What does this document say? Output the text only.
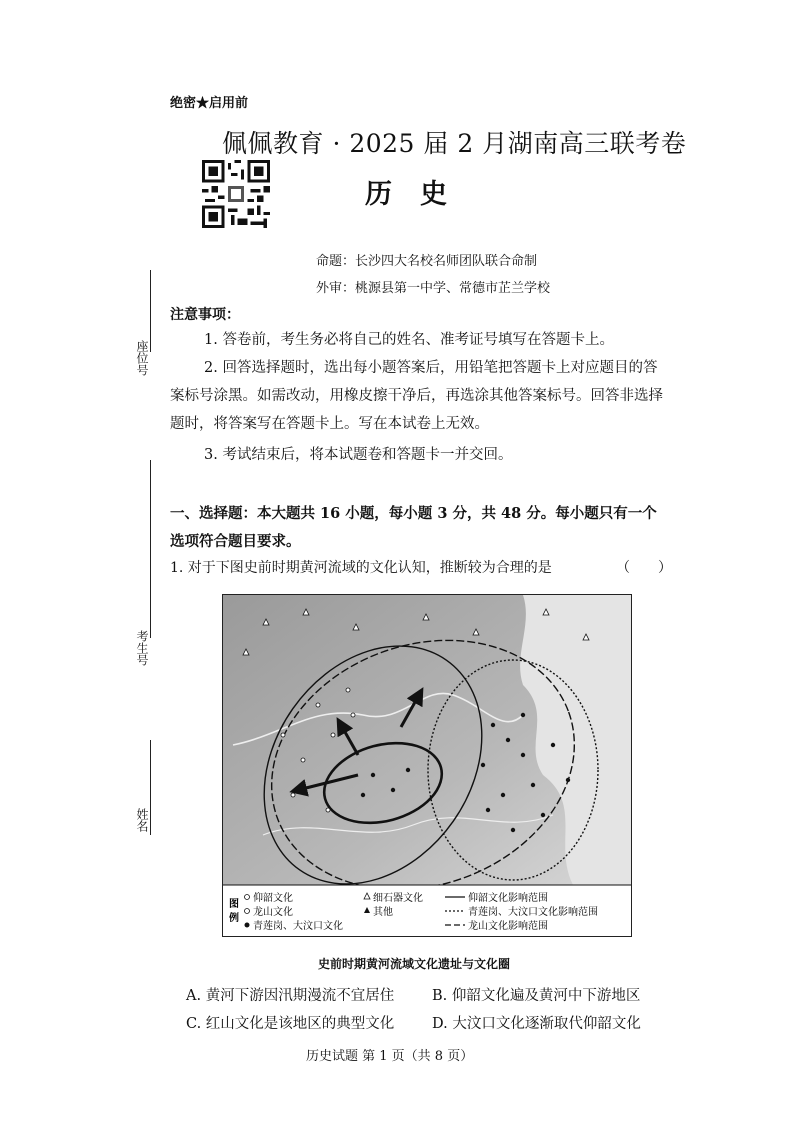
绝密★启用前
佩佩教育 · 2025 届 2 月湖南高三联考卷
历史
命题：长沙四大名校名师团队联合命制
外审：桃源县第一中学、常德市芷兰学校
座位号
考生号
姓名
注意事项：
1. 答卷前，考生务必将自己的姓名、准考证号填写在答题卡上。
2. 回答选择题时，选出每小题答案后，用铅笔把答题卡上对应题目的答案标号涂黑。如需改动，用橡皮擦干净后，再选涂其他答案标号。回答非选择题时，将答案写在答题卡上。写在本试卷上无效。
3. 考试结束后，将本试题卷和答题卡一并交回。
一、选择题：本大题共 16 小题，每小题 3 分，共 48 分。每小题只有一个选项符合题目要求。
1. 对于下图史前时期黄河流域的文化认知，推断较为合理的是	（　　）
图
例
仰韶文化
龙山文化
青莲岗、大汶口文化
细石器文化
其他
仰韶文化影响范围
青莲岗、大汶口文化影响范围
龙山文化影响范围
史前时期黄河流域文化遗址与文化圈
A. 黄河下游因汛期漫流不宜居住	B. 仰韶文化遍及黄河中下游地区
C. 红山文化是该地区的典型文化	D. 大汶口文化逐渐取代仰韶文化
历史试题 第 1 页（共 8 页）
